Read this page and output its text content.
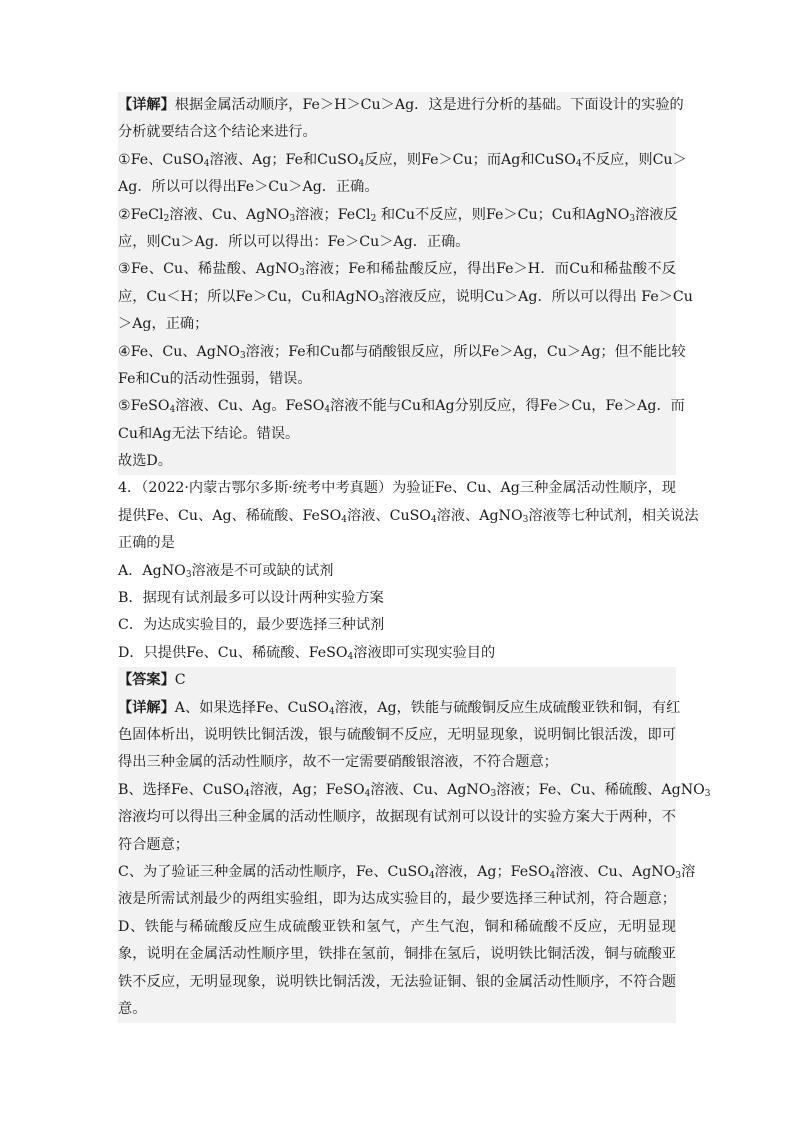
【详解】根据金属活动顺序，Fe＞H＞Cu＞Ag．这是进行分析的基础。下面设计的实验的
分析就要结合这个结论来进行。
①Fe、CuSO$_4$溶液、Ag；Fe和CuSO$_4$反应，则Fe＞Cu；而Ag和CuSO$_4$不反应，则Cu＞
Ag．所以可以得出Fe＞Cu＞Ag．正确。
②FeCl$_2$溶液、Cu、AgNO$_3$溶液；FeCl$_2$ 和Cu不反应，则Fe＞Cu；Cu和AgNO$_3$溶液反
应，则Cu＞Ag．所以可以得出：Fe＞Cu＞Ag．正确。
③Fe、Cu、稀盐酸、AgNO$_3$溶液；Fe和稀盐酸反应，得出Fe＞H．而Cu和稀盐酸不反
应，Cu＜H；所以Fe＞Cu，Cu和AgNO$_3$溶液反应，说明Cu＞Ag．所以可以得出 Fe＞Cu
＞Ag，正确；
④Fe、Cu、AgNO$_3$溶液；Fe和Cu都与硝酸银反应，所以Fe＞Ag，Cu＞Ag；但不能比较
Fe和Cu的活动性强弱，错误。
⑤FeSO$_4$溶液、Cu、Ag。FeSO$_4$溶液不能与Cu和Ag分别反应，得Fe＞Cu，Fe＞Ag．而
Cu和Ag无法下结论。错误。
故选D。
4．（2022·内蒙古鄂尔多斯·统考中考真题）为验证Fe、Cu、Ag三种金属活动性顺序，现
提供Fe、Cu、Ag、稀硫酸、FeSO$_4$溶液、CuSO$_4$溶液、AgNO$_3$溶液等七种试剂，相关说法
正确的是
A．AgNO$_3$溶液是不可或缺的试剂
B．据现有试剂最多可以设计两种实验方案
C．为达成实验目的，最少要选择三种试剂
D．只提供Fe、Cu、稀硫酸、FeSO$_4$溶液即可实现实验目的
【答案】C
【详解】A、如果选择Fe、CuSO$_4$溶液，Ag，铁能与硫酸铜反应生成硫酸亚铁和铜，有红
色固体析出，说明铁比铜活泼，银与硫酸铜不反应，无明显现象，说明铜比银活泼，即可
得出三种金属的活动性顺序，故不一定需要硝酸银溶液，不符合题意；
B、选择Fe、CuSO$_4$溶液，Ag；FeSO$_4$溶液、Cu、AgNO$_3$溶液；Fe、Cu、稀硫酸、AgNO$_3$
溶液均可以得出三种金属的活动性顺序，故据现有试剂可以设计的实验方案大于两种，不
符合题意；
C、为了验证三种金属的活动性顺序，Fe、CuSO$_4$溶液，Ag；FeSO$_4$溶液、Cu、AgNO$_3$溶
液是所需试剂最少的两组实验组，即为达成实验目的，最少要选择三种试剂，符合题意；
D、铁能与稀硫酸反应生成硫酸亚铁和氢气，产生气泡，铜和稀硫酸不反应，无明显现
象，说明在金属活动性顺序里，铁排在氢前，铜排在氢后，说明铁比铜活泼，铜与硫酸亚
铁不反应，无明显现象，说明铁比铜活泼，无法验证铜、银的金属活动性顺序，不符合题
意。
